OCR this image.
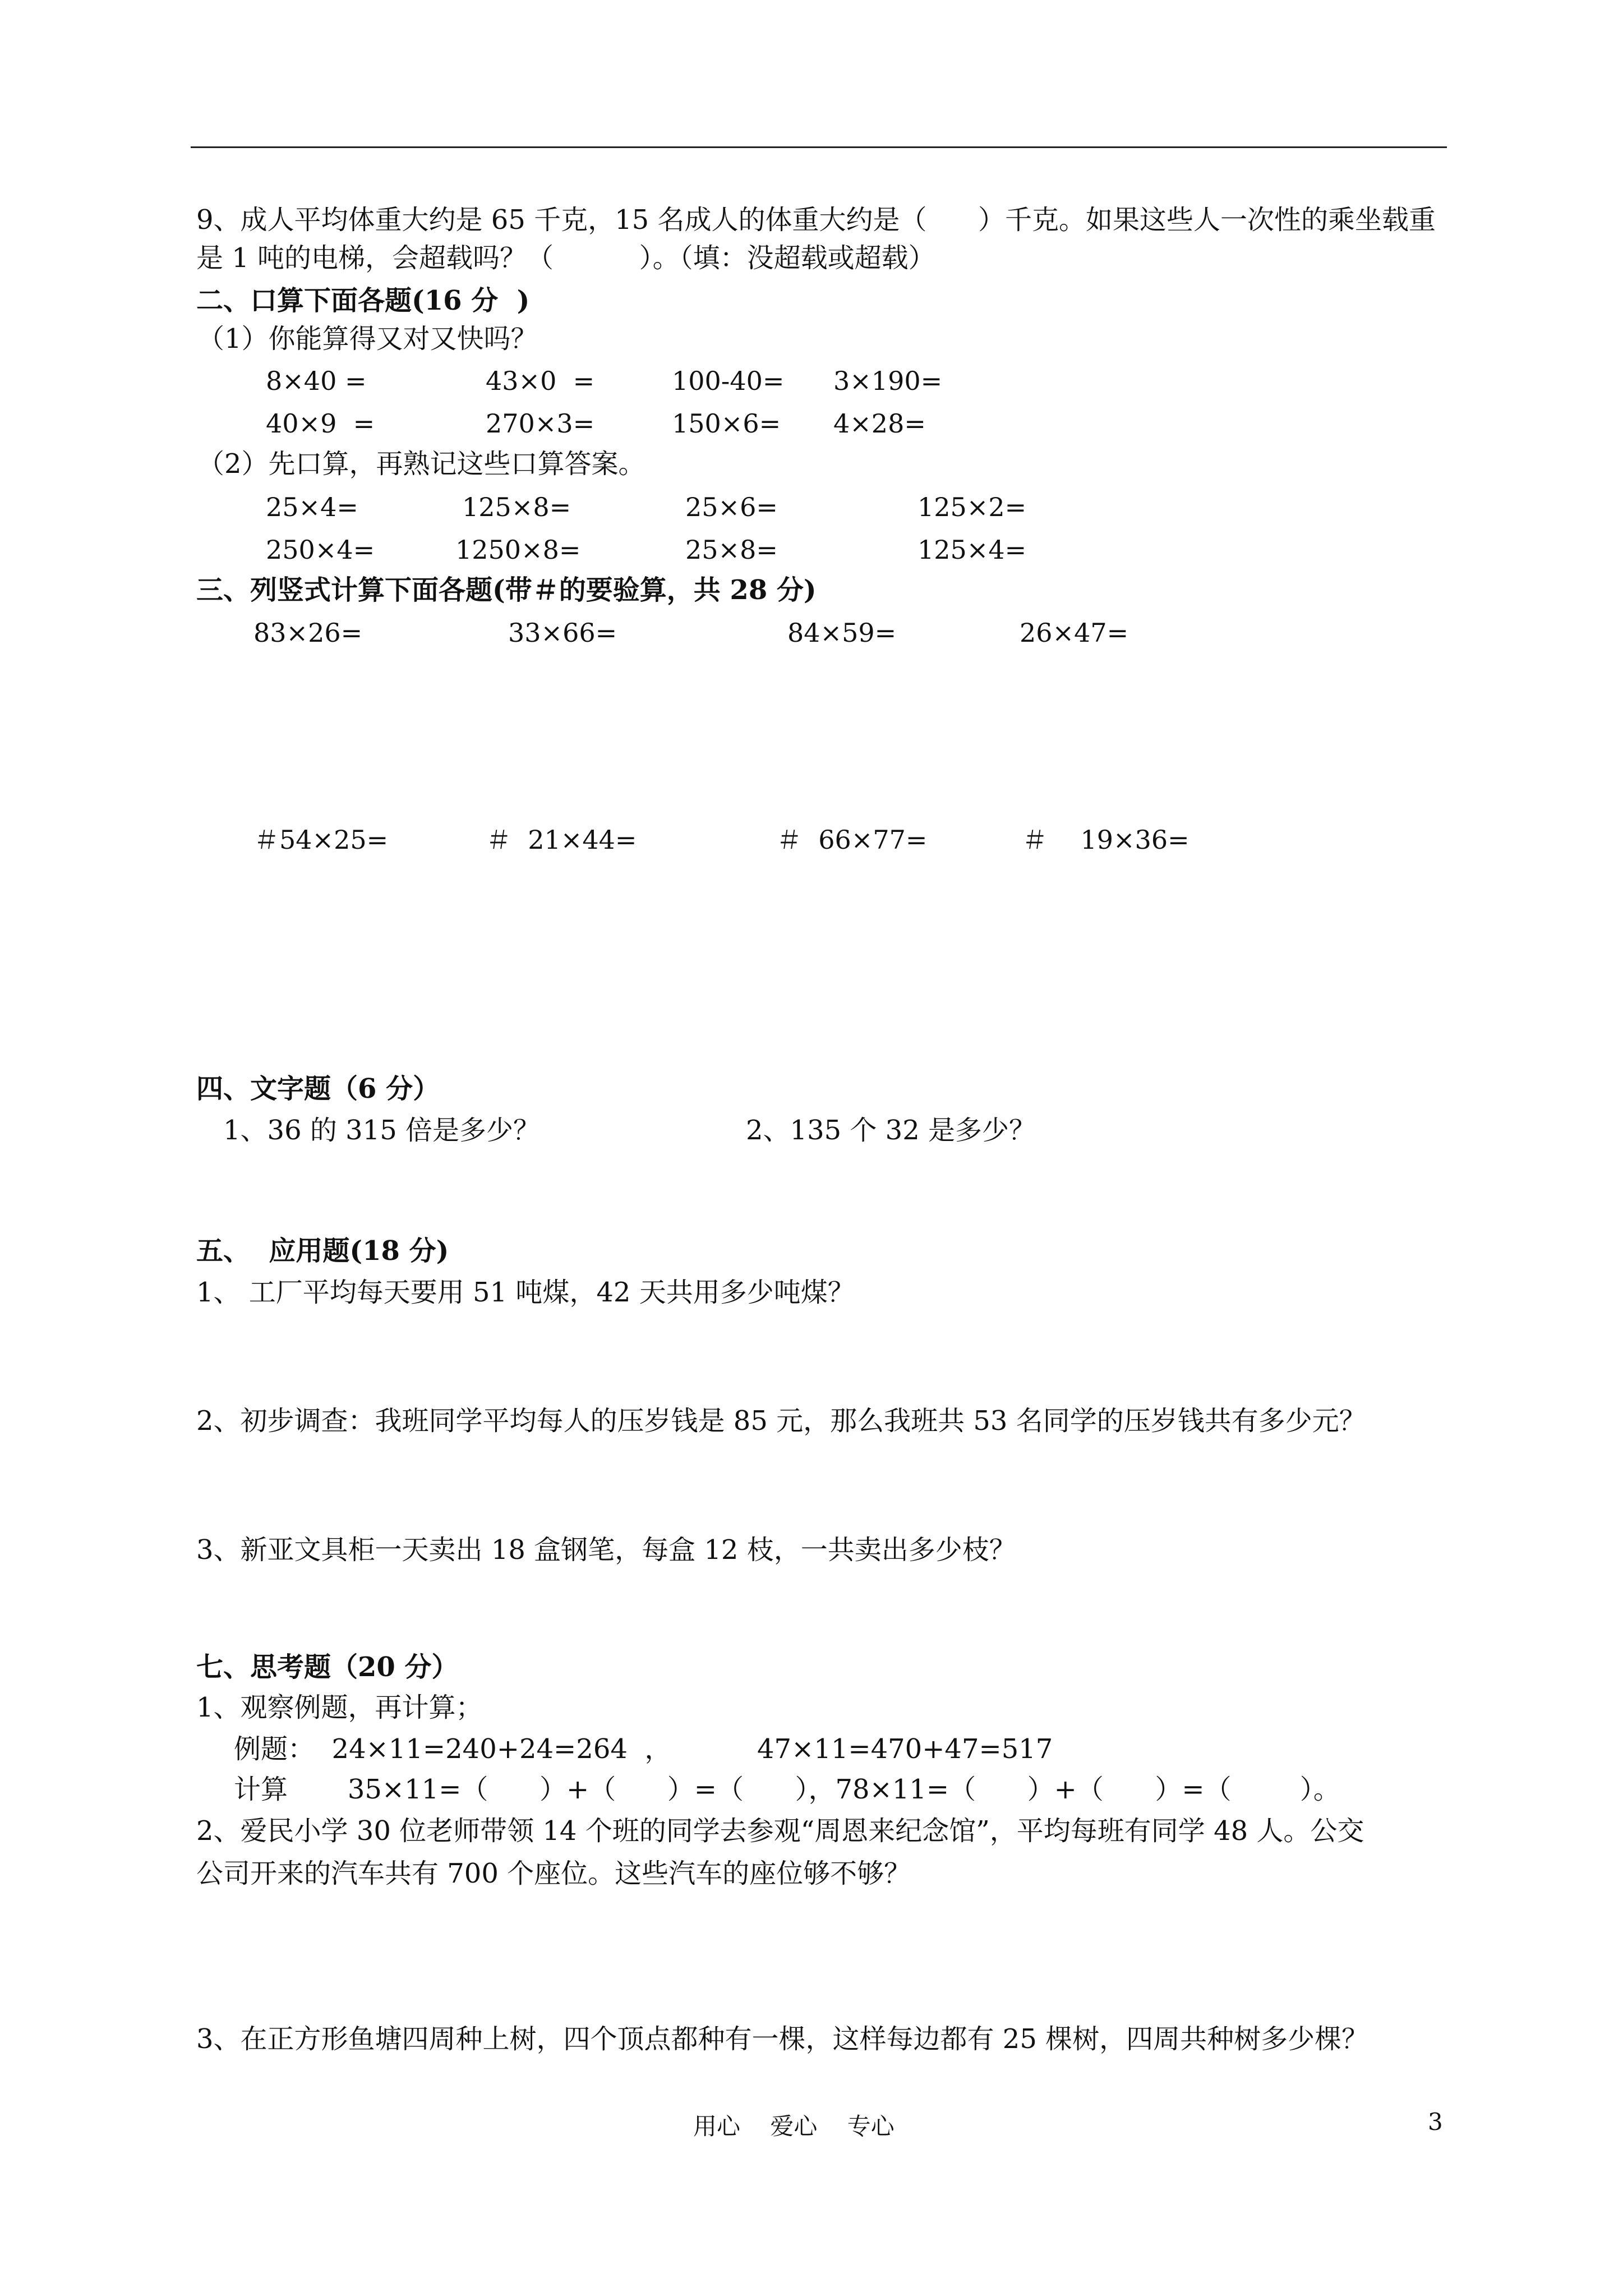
9、成人平均体重大约是 65 千克，15 名成人的体重大约是（      ）千克。如果这些人一次性的乘坐载重
是 1 吨的电梯，会超载吗？（          ）。（填：没超载或超载）
二、口算下面各题(16 分  )
（1）你能算得又对又快吗？
8×40 =	43×0  =	100-40= 3×190=
40×9  =	270×3=	150×6= 4×28=
（2）先口算，再熟记这些口算答案。
25×4=	125×8=	25×6=	125×2=
250×4=	1250×8=	25×8=	125×4=
三、列竖式计算下面各题(带＃的要验算，共 28 分)
83×26=	33×66=	84×59=	26×47=
＃54×25=	＃  21×44=	＃  66×77=	＃    19×36=
四、文字题（6 分）
1、36 的 315 倍是多少？	2、135 个 32 是多少？
五、  应用题(18 分)
1、 工厂平均每天要用 51 吨煤，42 天共用多少吨煤？
2、初步调查：我班同学平均每人的压岁钱是 85 元，那么我班共 53 名同学的压岁钱共有多少元？
3、新亚文具柜一天卖出 18 盒钢笔，每盒 12 枝，一共卖出多少枝？
七、思考题（20 分）
1、观察例题，再计算；
例题：  24×11=240+24=264  ，          47×11=470+47=517
计算       35×11=（      ）+（      ）=（      ），78×11=（      ）+（      ）=（        ）。
2、爱民小学 30 位老师带领 14 个班的同学去参观“周恩来纪念馆”，平均每班有同学 48 人。公交
公司开来的汽车共有 700 个座位。这些汽车的座位够不够？
3、在正方形鱼塘四周种上树，四个顶点都种有一棵，这样每边都有 25 棵树，四周共种树多少棵？
用心    爱心    专心	3
